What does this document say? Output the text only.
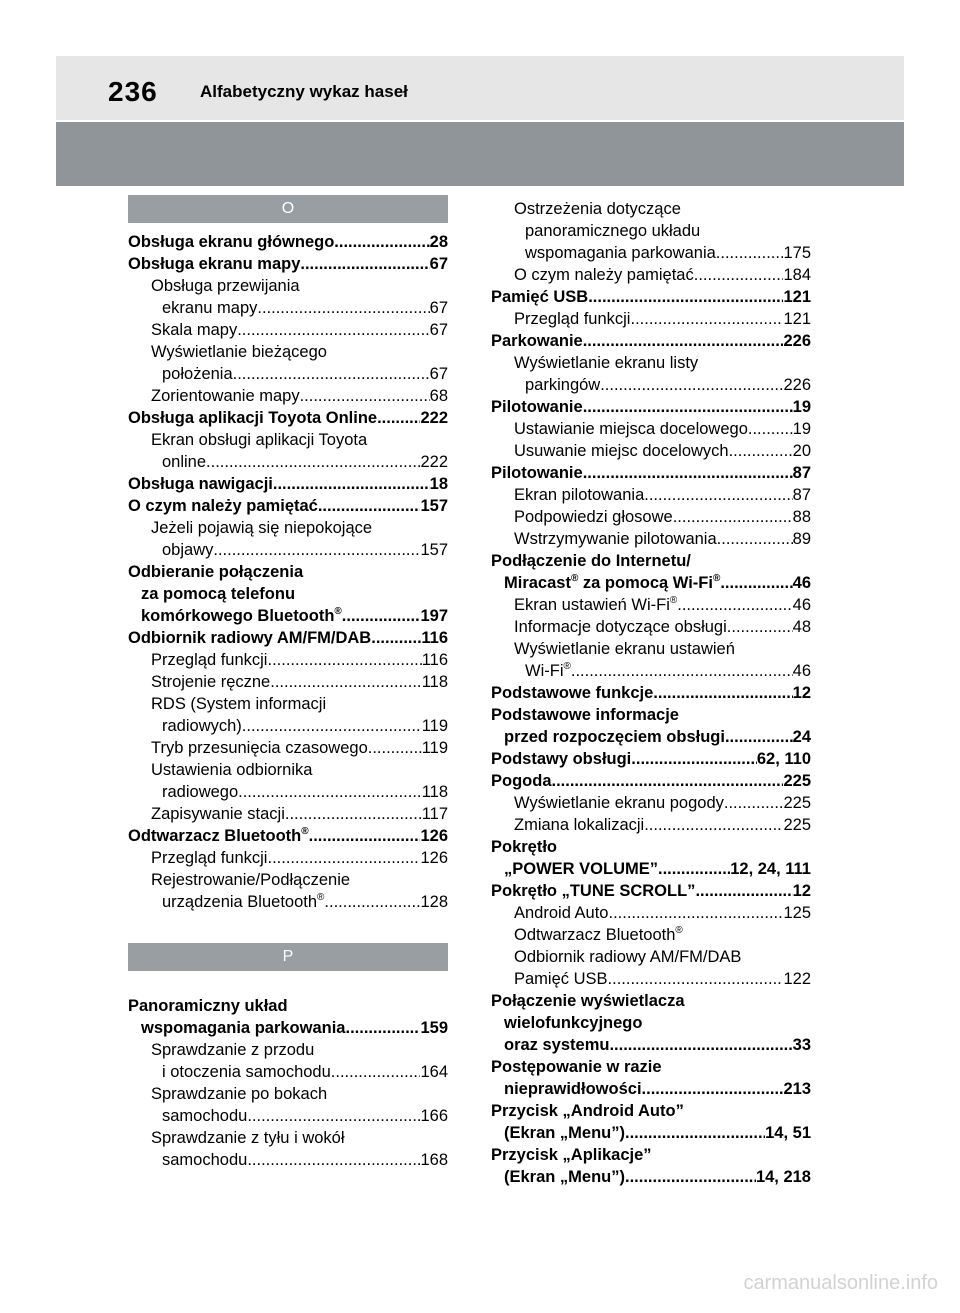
236 Alfabetyczny wykaz haseł
O
Obsługa ekranu głównego .....	28
Obsługa ekranu mapy .....	67
Obsługa przewijania
ekranu mapy .....	67
Skala mapy .....	67
Wyświetlanie bieżącego
położenia .....	67
Zorientowanie mapy .....	68
Obsługa aplikacji Toyota Online .....	222
Ekran obsługi aplikacji Toyota
online .....	222
Obsługa nawigacji .....	18
O czym należy pamiętać .....	157
Jeżeli pojawią się niepokojące
objawy .....	157
Odbieranie połączenia
za pomocą telefonu
komórkowego Bluetooth® .....	197
Odbiornik radiowy AM/FM/DAB .....	116
Przegląd funkcji .....	116
Strojenie ręczne .....	118
RDS (System informacji
radiowych) .....	119
Tryb przesunięcia czasowego .....	119
Ustawienia odbiornika
radiowego .....	118
Zapisywanie stacji .....	117
Odtwarzacz Bluetooth® .....	126
Przegląd funkcji .....	126
Rejestrowanie/Podłączenie
urządzenia Bluetooth® .....	128
P
Panoramiczny układ
wspomagania parkowania .....	159
Sprawdzanie z przodu
i otoczenia samochodu .....	164
Sprawdzanie po bokach
samochodu .....	166
Sprawdzanie z tyłu i wokół
samochodu .....	168
Ostrzeżenia dotyczące
panoramicznego układu
wspomagania parkowania .....	175
O czym należy pamiętać .....	184
Pamięć USB .....	121
Przegląd funkcji .....	121
Parkowanie .....	226
Wyświetlanie ekranu listy
parkingów .....	226
Pilotowanie .....	19
Ustawianie miejsca docelowego .....	19
Usuwanie miejsc docelowych .....	20
Pilotowanie .....	87
Ekran pilotowania .....	87
Podpowiedzi głosowe .....	88
Wstrzymywanie pilotowania .....	89
Podłączenie do Internetu/
Miracast® za pomocą Wi-Fi® .....	46
Ekran ustawień Wi-Fi® .....	46
Informacje dotyczące obsługi .....	48
Wyświetlanie ekranu ustawień
Wi-Fi® .....	46
Podstawowe funkcje .....	12
Podstawowe informacje
przed rozpoczęciem obsługi .....	24
Podstawy obsługi .....	62, 110
Pogoda .....	225
Wyświetlanie ekranu pogody .....	225
Zmiana lokalizacji .....	225
Pokrętło
„POWER VOLUME” .....	12, 24, 111
Pokrętło „TUNE SCROLL” .....	12
Android Auto .....	125
Odtwarzacz Bluetooth®
Odbiornik radiowy AM/FM/DAB
Pamięć USB .....	122
Połączenie wyświetlacza
wielofunkcyjnego
oraz systemu .....	33
Postępowanie w razie
nieprawidłowości .....	213
Przycisk „Android Auto”
(Ekran „Menu”) .....	14, 51
Przycisk „Aplikacje”
(Ekran „Menu”) .....	14, 218
carmanualsonline.info
